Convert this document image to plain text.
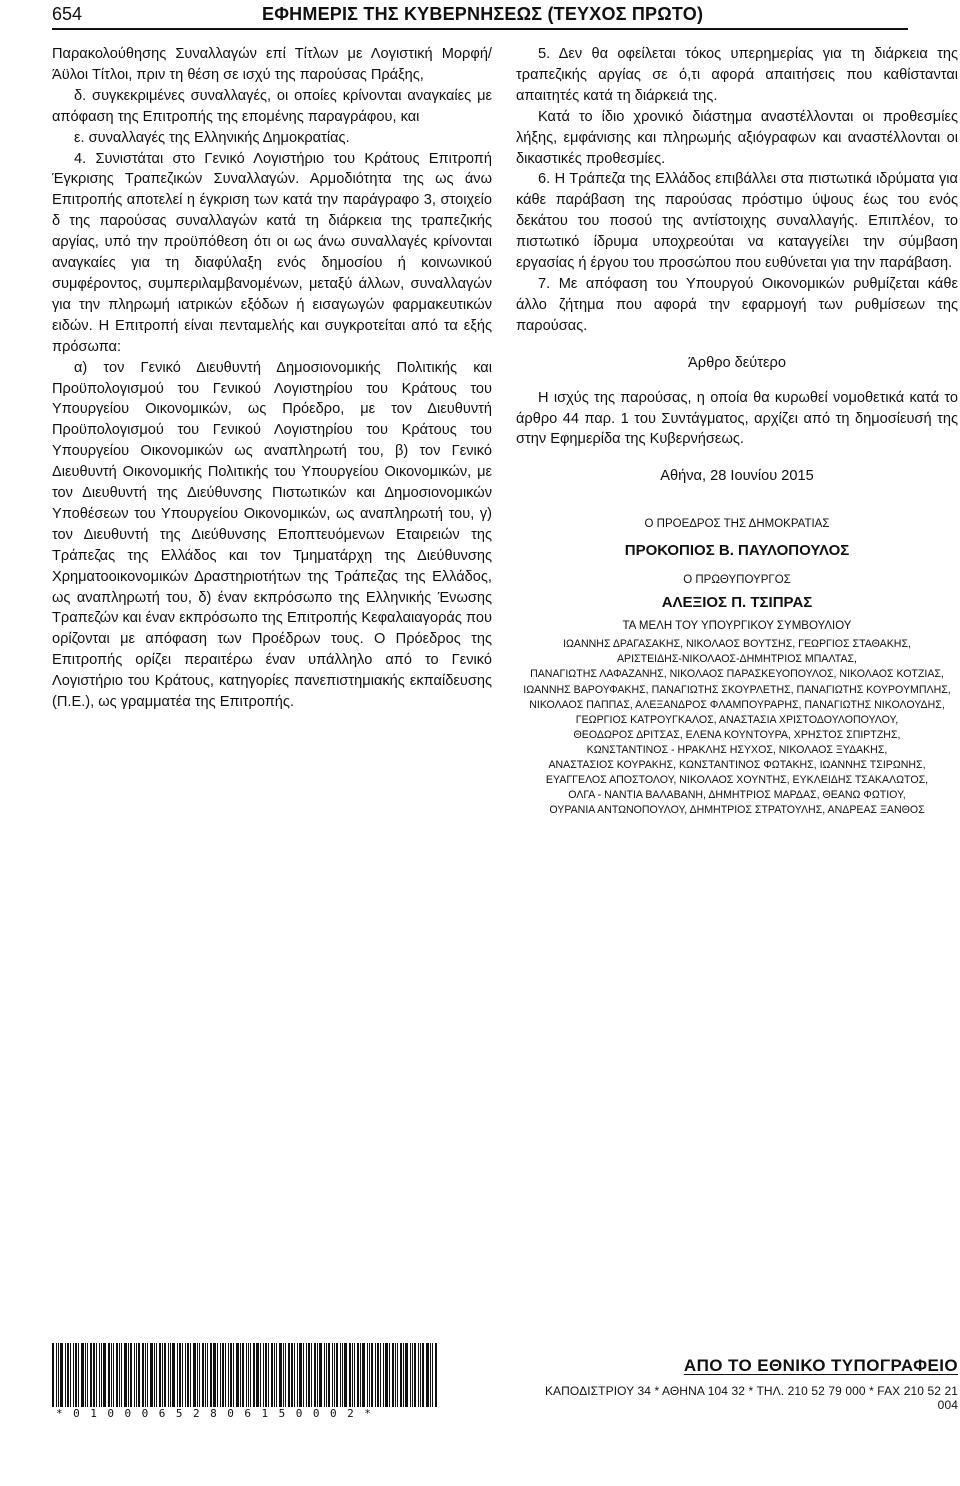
654	ΕΦΗΜΕΡΙΣ ΤΗΣ ΚΥΒΕΡΝΗΣΕΩΣ (ΤΕΥΧΟΣ ΠΡΩΤΟ)

Παρακολούθησης Συναλλαγών επί Τίτλων με Λογιστική Μορφή/Άϋλοι Τίτλοι, πριν τη θέση σε ισχύ της παρούσας Πράξης,

δ. συγκεκριμένες συναλλαγές, οι οποίες κρίνονται αναγκαίες με απόφαση της Επιτροπής της επομένης παραγράφου, και

ε. συναλλαγές της Ελληνικής Δημοκρατίας.

4. Συνιστάται στο Γενικό Λογιστήριο του Κράτους Επιτροπή Έγκρισης Τραπεζικών Συναλλαγών. Αρμοδιότητα της ως άνω Επιτροπής αποτελεί η έγκριση των κατά την παράγραφο 3, στοιχείο δ της παρούσας συναλλαγών κατά τη διάρκεια της τραπεζικής αργίας, υπό την προϋπόθεση ότι οι ως άνω συναλλαγές κρίνονται αναγκαίες για τη διαφύλαξη ενός δημοσίου ή κοινωνικού συμφέροντος, συμπεριλαμβανομένων, μεταξύ άλλων, συναλλαγών για την πληρωμή ιατρικών εξόδων ή εισαγωγών φαρμακευτικών ειδών. Η Επιτροπή είναι πενταμελής και συγκροτείται από τα εξής πρόσωπα:

α) τον Γενικό Διευθυντή Δημοσιονομικής Πολιτικής και Προϋπολογισμού του Γενικού Λογιστηρίου του Κράτους του Υπουργείου Οικονομικών, ως Πρόεδρο, με τον Διευθυντή Προϋπολογισμού του Γενικού Λογιστηρίου του Κράτους του Υπουργείου Οικονομικών ως αναπληρωτή του, β) τον Γενικό Διευθυντή Οικονομικής Πολιτικής του Υπουργείου Οικονομικών, με τον Διευθυντή της Διεύθυνσης Πιστωτικών και Δημοσιονομικών Υποθέσεων του Υπουργείου Οικονομικών, ως αναπληρωτή του, γ) τον Διευθυντή της Διεύθυνσης Εποπτευόμενων Εταιρειών της Τράπεζας της Ελλάδος και τον Τμηματάρχη της Διεύθυνσης Χρηματοοικονομικών Δραστηριοτήτων της Τράπεζας της Ελλάδος, ως αναπληρωτή του, δ) έναν εκπρόσωπο της Ελληνικής Ένωσης Τραπεζών και έναν εκπρόσωπο της Επιτροπής Κεφαλαιαγοράς που ορίζονται με απόφαση των Προέδρων τους. Ο Πρόεδρος της Επιτροπής ορίζει περαιτέρω έναν υπάλληλο από το Γενικό Λογιστήριο του Κράτους, κατηγορίες πανεπιστημιακής εκπαίδευσης (Π.Ε.), ως γραμματέα της Επιτροπής.

5. Δεν θα οφείλεται τόκος υπερημερίας για τη διάρκεια της τραπεζικής αργίας σε ό,τι αφορά απαιτήσεις που καθίστανται απαιτητές κατά τη διάρκειά της.

Κατά το ίδιο χρονικό διάστημα αναστέλλονται οι προθεσμίες λήξης, εμφάνισης και πληρωμής αξιόγραφων και αναστέλλονται οι δικαστικές προθεσμίες.

6. Η Τράπεζα της Ελλάδος επιβάλλει στα πιστωτικά ιδρύματα για κάθε παράβαση της παρούσας πρόστιμο ύψους έως του ενός δεκάτου του ποσού της αντίστοιχης συναλλαγής. Επιπλέον, το πιστωτικό ίδρυμα υποχρεούται να καταγγείλει την σύμβαση εργασίας ή έργου του προσώπου που ευθύνεται για την παράβαση.

7. Με απόφαση του Υπουργού Οικονομικών ρυθμίζεται κάθε άλλο ζήτημα που αφορά την εφαρμογή των ρυθμίσεων της παρούσας.

Άρθρο δεύτερο

Η ισχύς της παρούσας, η οποία θα κυρωθεί νομοθετικά κατά το άρθρο 44 παρ. 1 του Συντάγματος, αρχίζει από τη δημοσίευσή της στην Εφημερίδα της Κυβερνήσεως.

Αθήνα, 28 Ιουνίου 2015

Ο ΠΡΟΕΔΡΟΣ ΤΗΣ ΔΗΜΟΚΡΑΤΙΑΣ
ΠΡΟΚΟΠΙΟΣ Β. ΠΑΥΛΟΠΟΥΛΟΣ
Ο ΠΡΩΘΥΠΟΥΡΓΟΣ
ΑΛΕΞΙΟΣ Π. ΤΣΙΠΡΑΣ
ΤΑ ΜΕΛΗ ΤΟΥ ΥΠΟΥΡΓΙΚΟΥ ΣΥΜΒΟΥΛΙΟΥ
ΙΩΑΝΝΗΣ ΔΡΑΓΑΣΑΚΗΣ, ΝΙΚΟΛΑΟΣ ΒΟΥΤΣΗΣ, ΓΕΩΡΓΙΟΣ ΣΤΑΘΑΚΗΣ,
ΑΡΙΣΤΕΙΔΗΣ-ΝΙΚΟΛΑΟΣ-ΔΗΜΗΤΡΙΟΣ ΜΠΑΛΤΑΣ,
ΠΑΝΑΓΙΩΤΗΣ ΛΑΦΑΖΑΝΗΣ, ΝΙΚΟΛΑΟΣ ΠΑΡΑΣΚΕΥΟΠΟΥΛΟΣ, ΝΙΚΟΛΑΟΣ ΚΟΤΖΙΑΣ,
ΙΩΑΝΝΗΣ ΒΑΡΟΥΦΑΚΗΣ, ΠΑΝΑΓΙΩΤΗΣ ΣΚΟΥΡΛΕΤΗΣ, ΠΑΝΑΓΙΩΤΗΣ ΚΟΥΡΟΥΜΠΛΗΣ,
ΝΙΚΟΛΑΟΣ ΠΑΠΠΑΣ, ΑΛΕΞΑΝΔΡΟΣ ΦΛΑΜΠΟΥΡΑΡΗΣ, ΠΑΝΑΓΙΩΤΗΣ ΝΙΚΟΛΟΥΔΗΣ,
ΓΕΩΡΓΙΟΣ ΚΑΤΡΟΥΓΚΑΛΟΣ, ΑΝΑΣΤΑΣΙΑ ΧΡΙΣΤΟΔΟΥΛΟΠΟΥΛΟΥ,
ΘΕΟΔΩΡΟΣ ΔΡΙΤΣΑΣ, ΕΛΕΝΑ ΚΟΥΝΤΟΥΡΑ, ΧΡΗΣΤΟΣ ΣΠΙΡΤΖΗΣ,
ΚΩΝΣΤΑΝΤΙΝΟΣ - ΗΡΑΚΛΗΣ ΗΣΥΧΟΣ, ΝΙΚΟΛΑΟΣ ΞΥΔΑΚΗΣ,
ΑΝΑΣΤΑΣΙΟΣ ΚΟΥΡΑΚΗΣ, ΚΩΝΣΤΑΝΤΙΝΟΣ ΦΩΤΑΚΗΣ, ΙΩΑΝΝΗΣ ΤΣΙΡΩΝΗΣ,
ΕΥΑΓΓΕΛΟΣ ΑΠΟΣΤΟΛΟΥ, ΝΙΚΟΛΑΟΣ ΧΟΥΝΤΗΣ, ΕΥΚΛΕΙΔΗΣ ΤΣΑΚΑΛΩΤΟΣ,
ΟΛΓΑ - ΝΑΝΤΙΑ ΒΑΛΑΒΑΝΗ, ΔΗΜΗΤΡΙΟΣ ΜΑΡΔΑΣ, ΘΕΑΝΩ ΦΩΤΙΟΥ,
ΟΥΡΑΝΙΑ ΑΝΤΩΝΟΠΟΥΛΟΥ, ΔΗΜΗΤΡΙΟΣ ΣΤΡΑΤΟΥΛΗΣ, ΑΝΔΡΕΑΣ ΞΑΝΘΟΣ
*01000652806150002*
ΑΠΟ ΤΟ ΕΘΝΙΚΟ ΤΥΠΟΓΡΑΦΕΙΟ
ΚΑΠΟΔΙΣΤΡΙΟΥ 34 * ΑΘΗΝΑ 104 32 * ΤΗΛ. 210 52 79 000 * FAX 210 52 21 004
